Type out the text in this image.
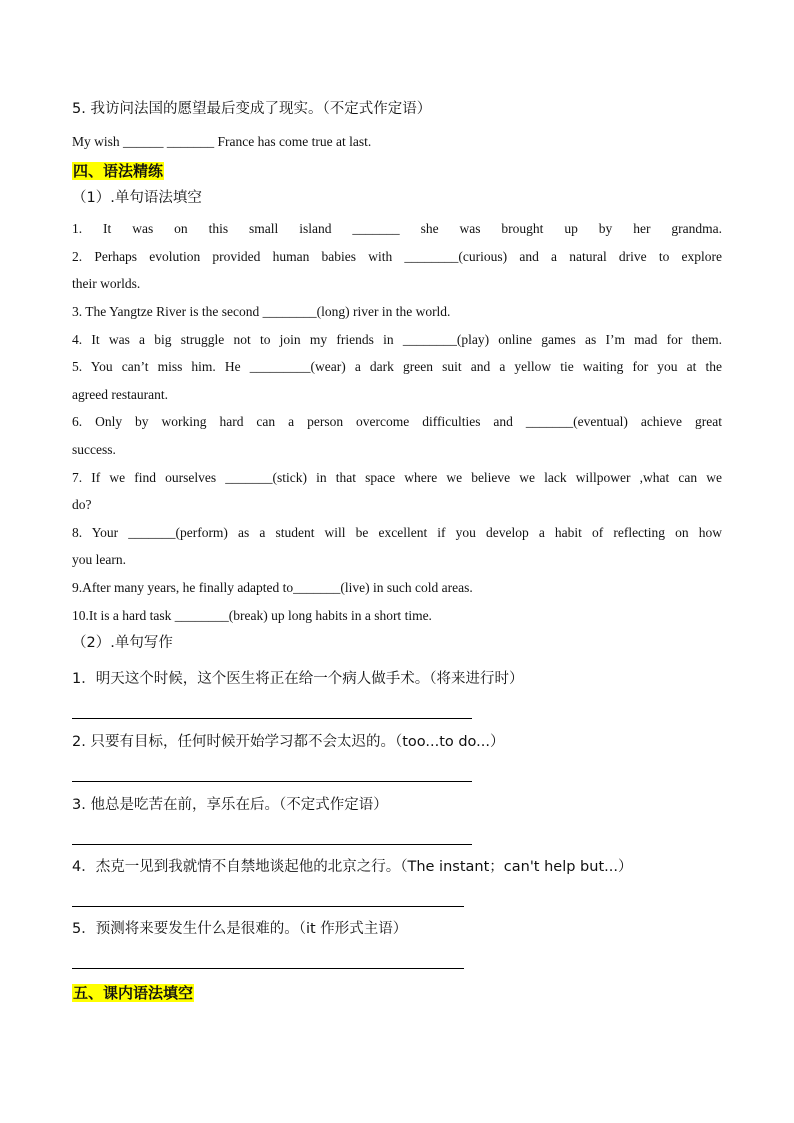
5. 我访问法国的愿望最后变成了现实。（不定式作定语）
My wish ______ _______ France has come true at last.
四、语法精练
（1）.单句语法填空
1. It was on this small island _______ she was brought up by her grandma.
2. Perhaps evolution provided human babies with ________(curious) and a natural drive to explore
their worlds.
3. The Yangtze River is the second ________(long) river in the world.
4. It was a big struggle not to join my friends in ________(play) online games as I’m mad for them.
5. You can’t miss him. He _________(wear) a dark green suit and a yellow tie waiting for you at the
agreed restaurant.
6. Only by working hard can a person overcome difficulties and _______(eventual) achieve great
success.
7. If we find ourselves _______(stick) in that space where we believe we lack willpower ,what can we
do?
8. Your _______(perform) as a student will be excellent if you develop a habit of reflecting on how
you learn.
9.After many years, he finally adapted to_______(live) in such cold areas.
10.It is a hard task ________(break) up long habits in a short time.
（2）.单句写作
1．明天这个时候，这个医生将正在给一个病人做手术。（将来进行时）
2. 只要有目标，任何时候开始学习都不会太迟的。（too...to do...）
3. 他总是吃苦在前，享乐在后。（不定式作定语）
4．杰克一见到我就情不自禁地谈起他的北京之行。（The instant；can't help but...）
5．预测将来要发生什么是很难的。（it 作形式主语）
五、课内语法填空
